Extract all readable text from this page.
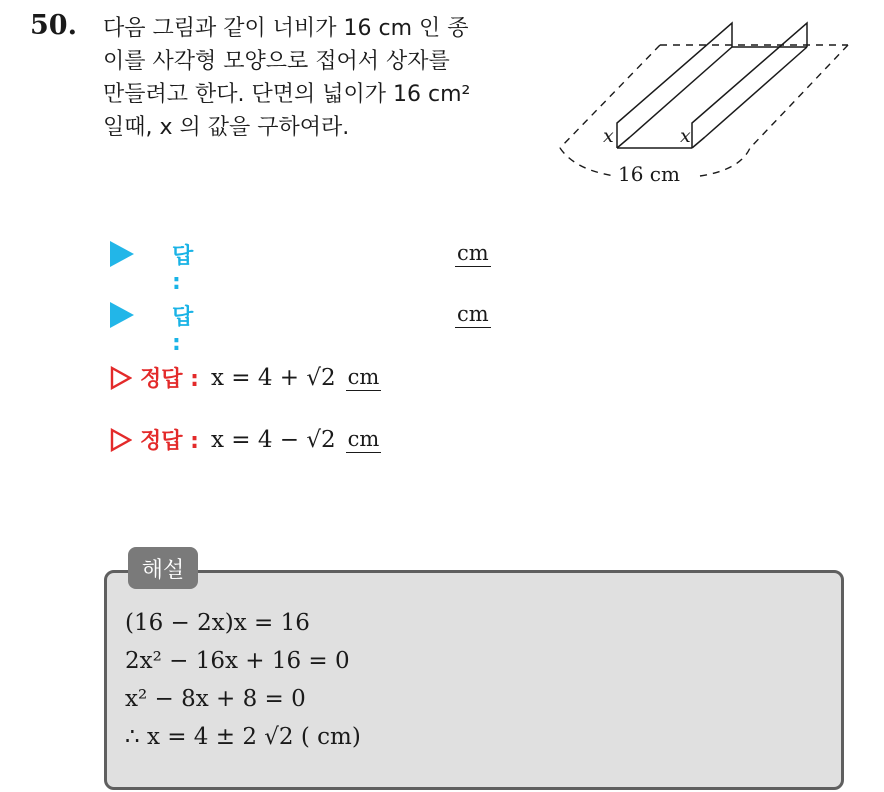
50. 다음 그림과 같이 너비가 16 cm 인 종
이를 사각형 모양으로 접어서 상자를
만들려고 한다. 단면의 넓이가 16 cm²
일때, x 의 값을 구하여라.	x	x
16 cm
답 :
cm
답 :
cm
정답 : x = 4 + √2 cm
정답 : x = 4 − √2 cm
해설
(16 − 2x)x = 16
2x² − 16x + 16 = 0
x² − 8x + 8 = 0
∴ x = 4 ± 2 √2 ( cm)
